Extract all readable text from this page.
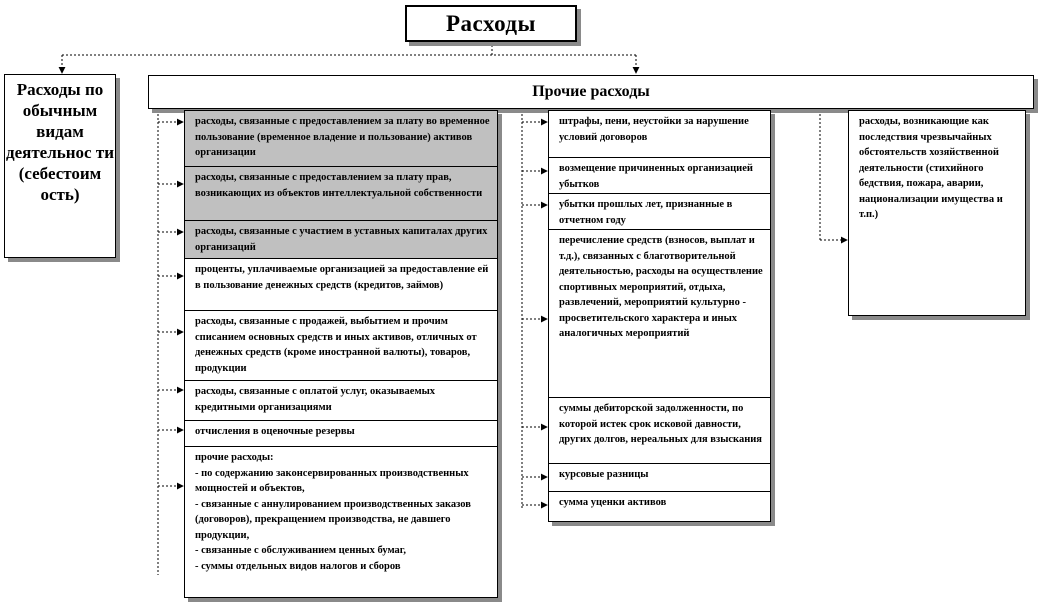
Расходы
Расходы по обычным видам деятельнос ти (себестоим ость)
Прочие расходы
расходы, связанные с предоставлением за плату во временное пользование (временное владение и пользование) активов организации
расходы, связанные с предоставлением за плату прав, возникающих из объектов интеллектуальной собственности
расходы, связанные с участием в уставных капиталах других организаций
проценты, уплачиваемые организацией за предоставление ей в пользование денежных средств (кредитов, займов)
расходы, связанные с продажей, выбытием и прочим списанием основных средств и иных активов, отличных от денежных средств (кроме иностранной валюты), товаров, продукции
расходы, связанные с оплатой услуг, оказываемых кредитными организациями
отчисления в оценочные резервы
прочие расходы:
- по содержанию законсервированных производственных мощностей и объектов,
- связанные с аннулированием производственных заказов (договоров), прекращением производства, не давшего продукции,
- связанные с обслуживанием ценных бумаг,
- суммы отдельных видов налогов и сборов
штрафы, пени, неустойки за нарушение условий договоров
возмещение причиненных организацией убытков
убытки прошлых лет, признанные в отчетном году
перечисление средств (взносов, выплат и т.д.), связанных с благотворительной деятельностью, расходы на осуществление спортивных мероприятий, отдыха, развлечений, мероприятий культурно - просветительского характера и иных аналогичных мероприятий
суммы дебиторской задолженности, по которой истек срок исковой давности, других долгов, нереальных для взыскания
курсовые разницы
сумма уценки активов
расходы, возникающие как последствия чрезвычайных обстоятельств хозяйственной деятельности (стихийного бедствия, пожара, аварии, национализации имущества и т.п.)
